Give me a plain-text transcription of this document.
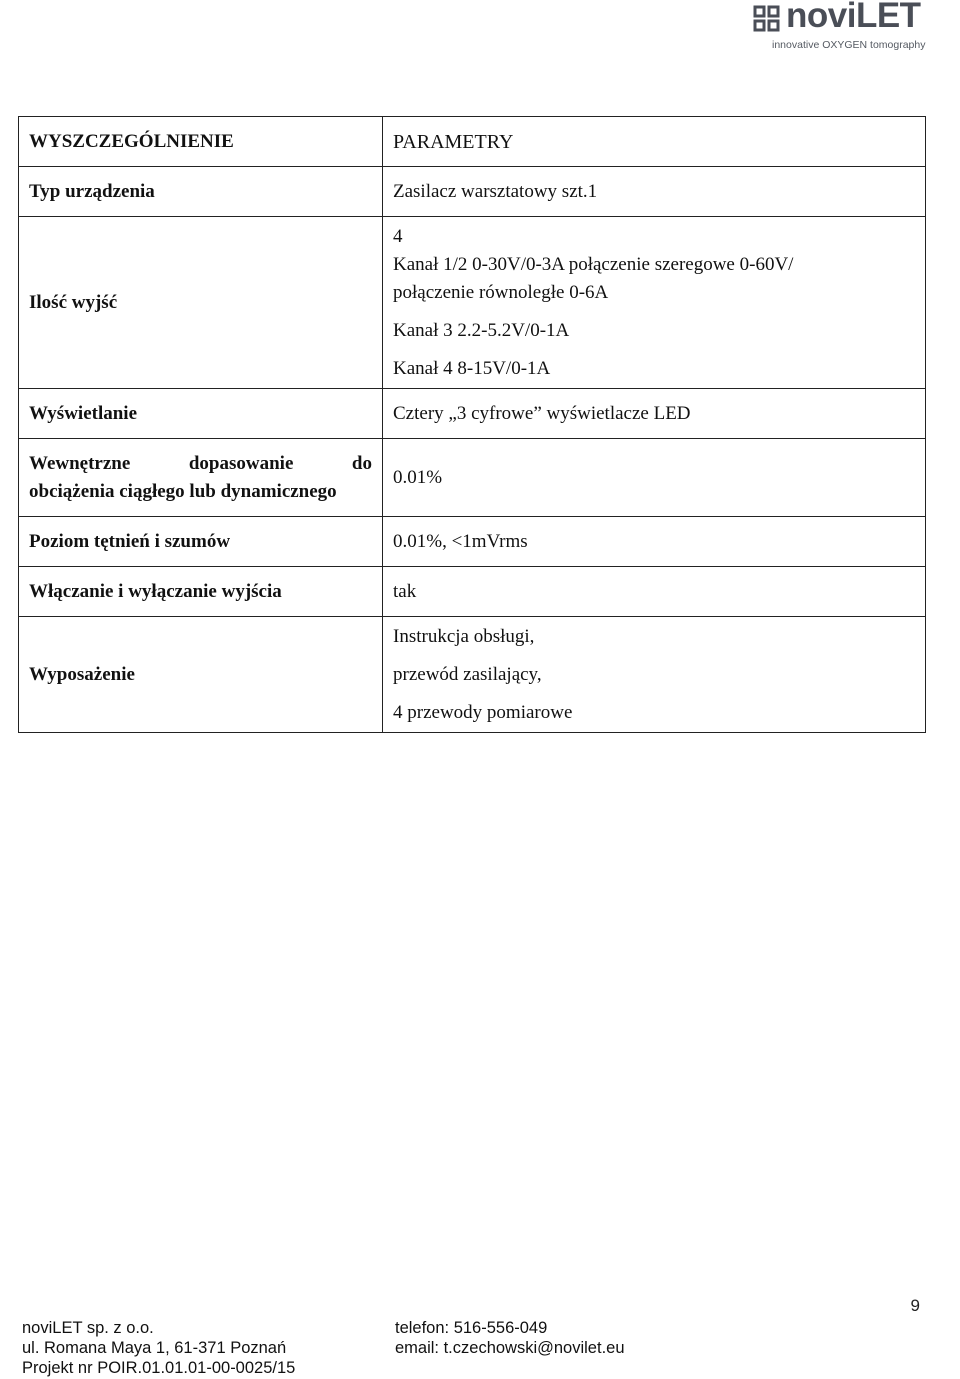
noviLET
innovative OXYGEN tomography
WYSZCZEGÓLNIENIE	PARAMETRY
Typ urządzenia	Zasilacz warsztatowy szt.1

Ilość wyjść	4
Kanał 1/2 0-30V/0-3A połączenie szeregowe 0-60V/
połączenie równoległe 0-6A
Kanał 3 2.2-5.2V/0-1A
Kanał 4 8-15V/0-1A

Wyświetlanie	Cztery „3 cyfrowe” wyświetlacze LED

Wewnętrzne dopasowanie do
obciążenia ciągłego lub dynamicznego	0.01%

Poziom tętnień i szumów	0.01%, <1mVrms

Włączanie i wyłączanie wyjścia	tak

Wyposażenie	Instrukcja obsługi,
przewód zasilający,
4 przewody pomiarowe
9
noviLET sp. z o.o.
ul. Romana Maya 1, 61-371 Poznań
Projekt nr POIR.01.01.01-00-0025/15
telefon: 516-556-049
email: t.czechowski@novilet.eu
